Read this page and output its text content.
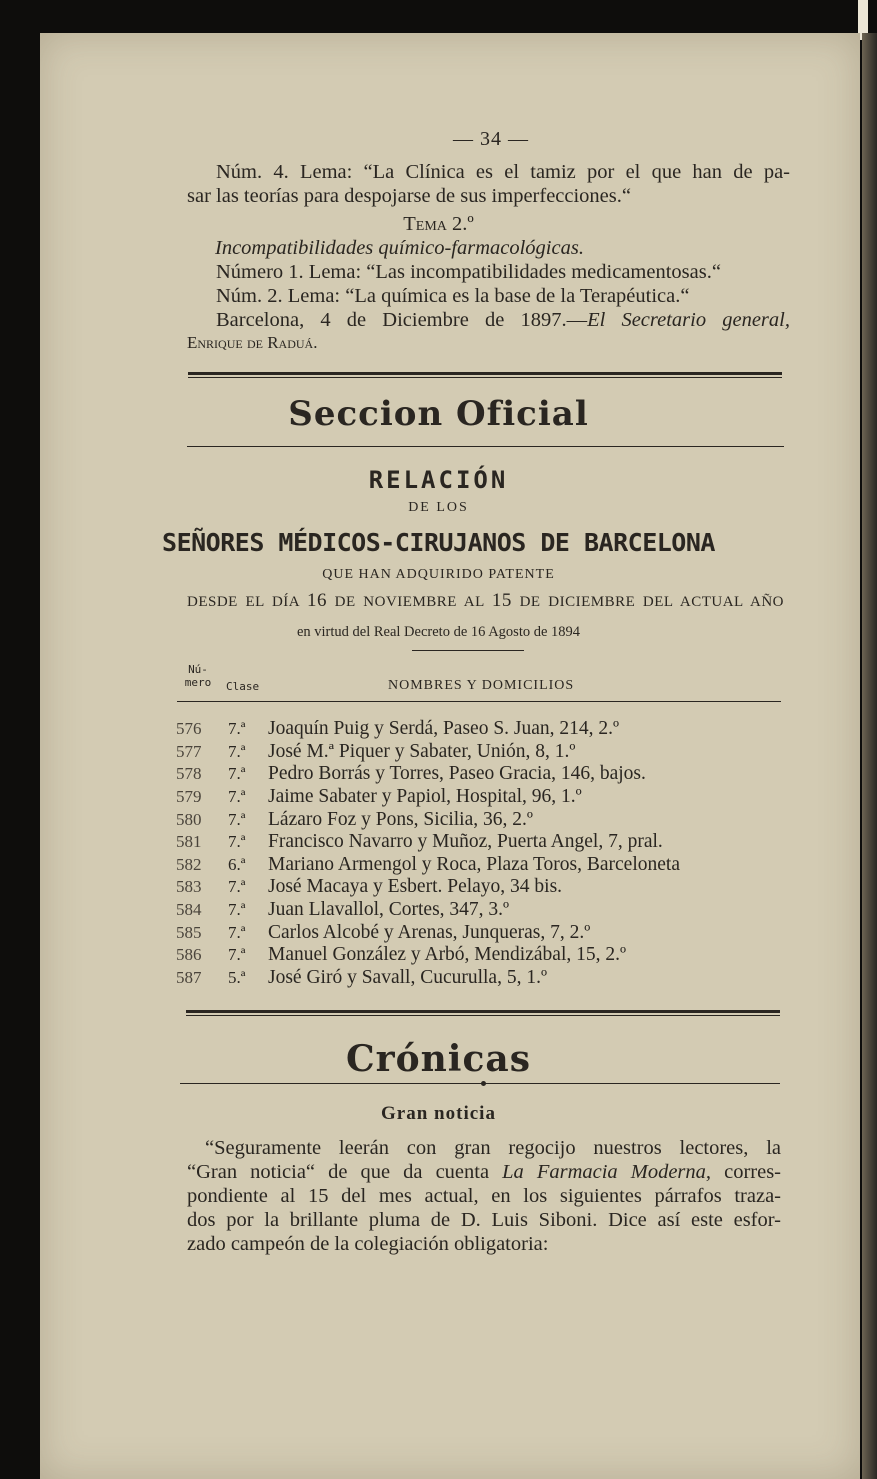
— 34 —
Núm. 4. Lema: “La Clínica es el tamiz por el que han de pa-
sar las teorías para despojarse de sus imperfecciones.“
Tema 2.º
Incompatibilidades químico-farmacológicas.
Número 1. Lema: “Las incompatibilidades medicamentosas.“
Núm. 2. Lema: “La química es la base de la Terapéutica.“
Barcelona, 4 de Diciembre de 1897.—El Secretario general,
Enrique de Raduá.
Seccion Oficial
RELACIÓN
DE LOS
SEÑORES MÉDICOS-CIRUJANOS DE BARCELONA
QUE HAN ADQUIRIDO PATENTE
DESDE EL DÍA 16 DE NOVIEMBRE AL 15 DE DICIEMBRE DEL ACTUAL AÑO
en virtud del Real Decreto de 16 Agosto de 1894
Nú-mero	Clase	NOMBRES Y DOMICILIOS
576	7.ª	Joaquín Puig y Serdá, Paseo S. Juan, 214, 2.º
577	7.ª	José M.ª Piquer y Sabater, Unión, 8, 1.º
578	7.ª	Pedro Borrás y Torres, Paseo Gracia, 146, bajos.
579	7.ª	Jaime Sabater y Papiol, Hospital, 96, 1.º
580	7.ª	Lázaro Foz y Pons, Sicilia, 36, 2.º
581	7.ª	Francisco Navarro y Muñoz, Puerta Angel, 7, pral.
582	6.ª	Mariano Armengol y Roca, Plaza Toros, Barceloneta
583	7.ª	José Macaya y Esbert. Pelayo, 34 bis.
584	7.ª	Juan Llavallol, Cortes, 347, 3.º
585	7.ª	Carlos Alcobé y Arenas, Junqueras, 7, 2.º
586	7.ª	Manuel González y Arbó, Mendizábal, 15, 2.º
587	5.ª	José Giró y Savall, Cucurulla, 5, 1.º
Crónicas
Gran noticia
“Seguramente leerán con gran regocijo nuestros lectores, la
“Gran noticia“ de que da cuenta La Farmacia Moderna, corres-
pondiente al 15 del mes actual, en los siguientes párrafos traza-
dos por la brillante pluma de D. Luis Siboni. Dice así este esfor-
zado campeón de la colegiación obligatoria:
